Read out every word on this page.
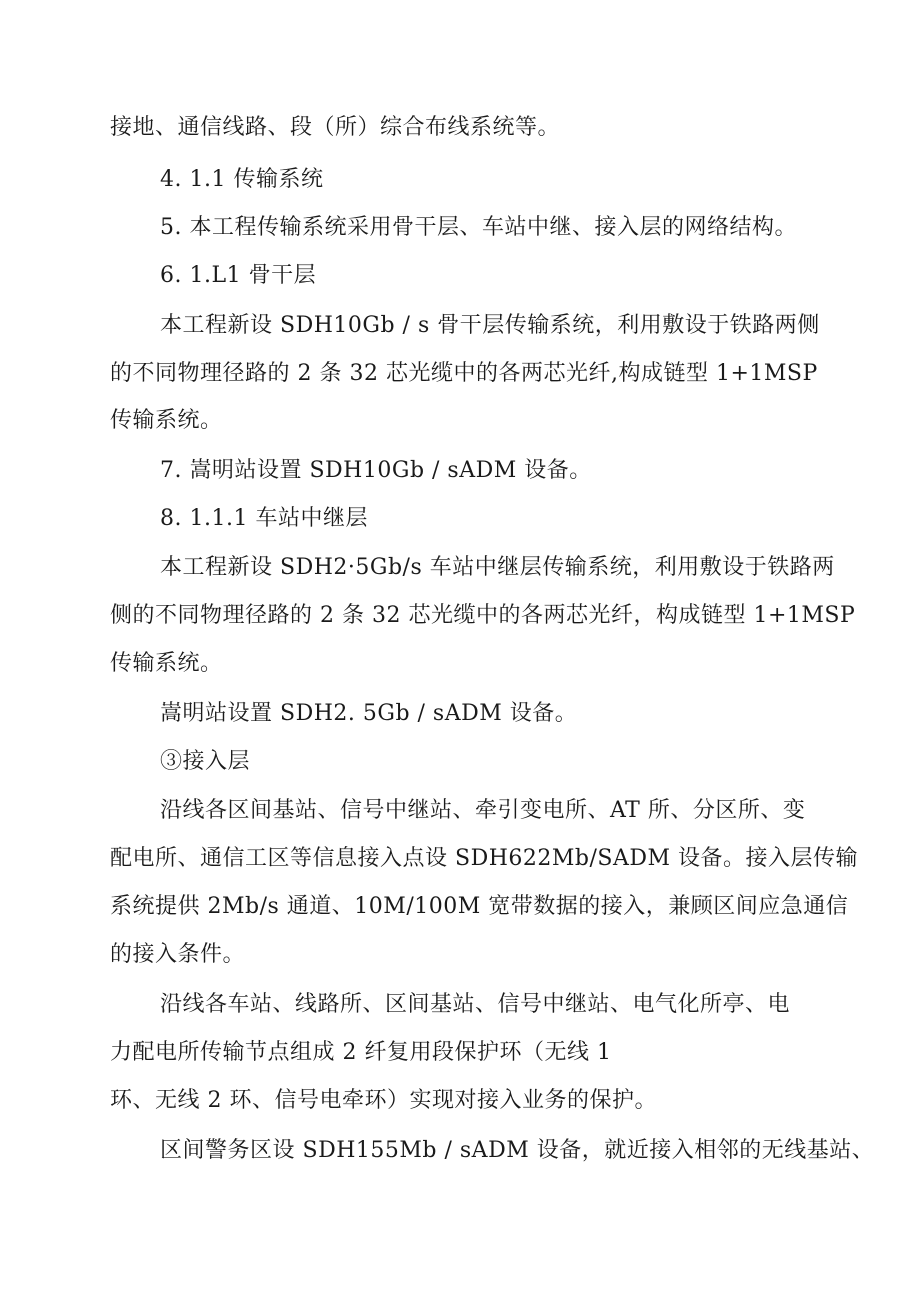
接地、通信线路、段（所）综合布线系统等。

4. 1.1 传输系统

5. 本工程传输系统采用骨干层、车站中继、接入层的网络结构。

6. 1.L1 骨干层

本工程新设 SDH10Gb / s 骨干层传输系统，利用敷设于铁路两侧

的不同物理径路的 2 条 32 芯光缆中的各两芯光纤,构成链型 1+1MSP

传输系统。

7. 嵩明站设置 SDH10Gb / sADM 设备。

8. 1.1.1 车站中继层

本工程新设 SDH2·5Gb/s 车站中继层传输系统，利用敷设于铁路两

侧的不同物理径路的 2 条 32 芯光缆中的各两芯光纤，构成链型 1+1MSP

传输系统。

嵩明站设置 SDH2. 5Gb / sADM 设备。

③接入层

沿线各区间基站、信号中继站、牵引变电所、AT 所、分区所、变

配电所、通信工区等信息接入点设 SDH622Mb/SADM 设备。接入层传输

系统提供 2Mb/s 通道、10M/100M 宽带数据的接入，兼顾区间应急通信

的接入条件。

沿线各车站、线路所、区间基站、信号中继站、电气化所亭、电

力配电所传输节点组成 2 纤复用段保护环（无线 1

环、无线 2 环、信号电牵环）实现对接入业务的保护。

区间警务区设 SDH155Mb / sADM 设备，就近接入相邻的无线基站、
